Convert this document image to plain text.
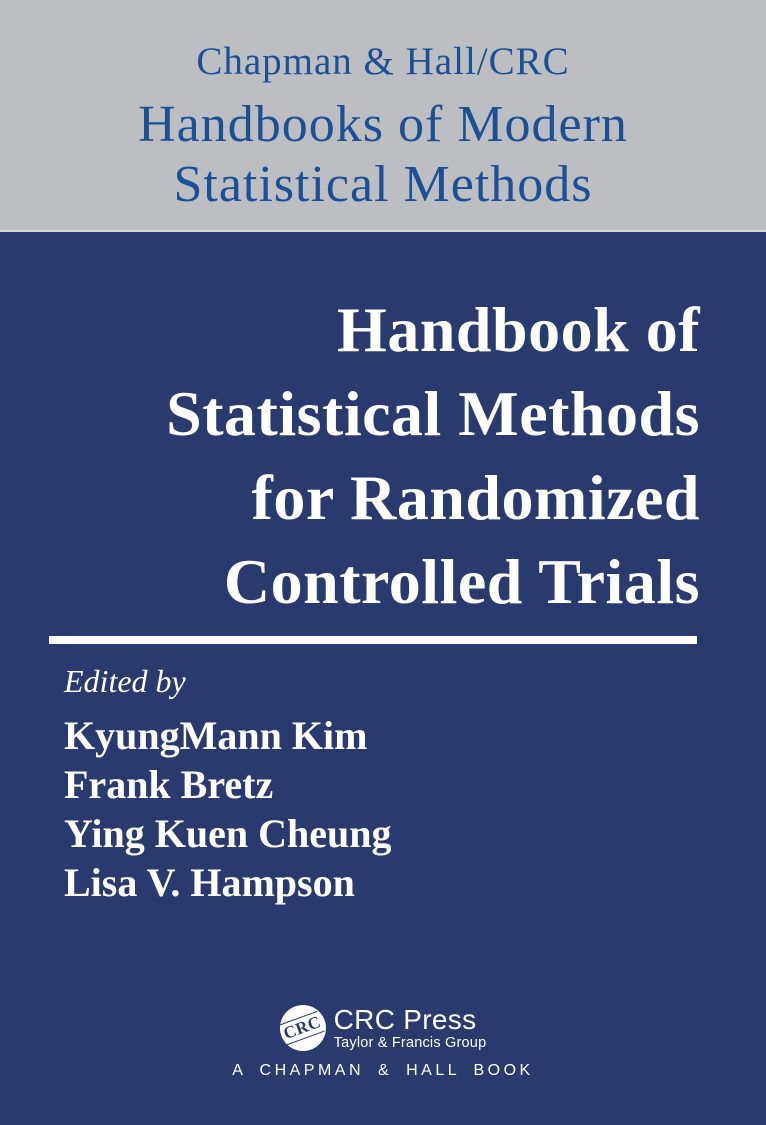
Chapman & Hall/CRC
Handbooks of Modern
Statistical Methods
Handbook of
Statistical Methods
for Randomized
Controlled Trials
Edited by
KyungMann Kim
Frank Bretz
Ying Kuen Cheung
Lisa V. Hampson
CRC CRC Press
Taylor & Francis Group
A CHAPMAN & HALL BOOK
